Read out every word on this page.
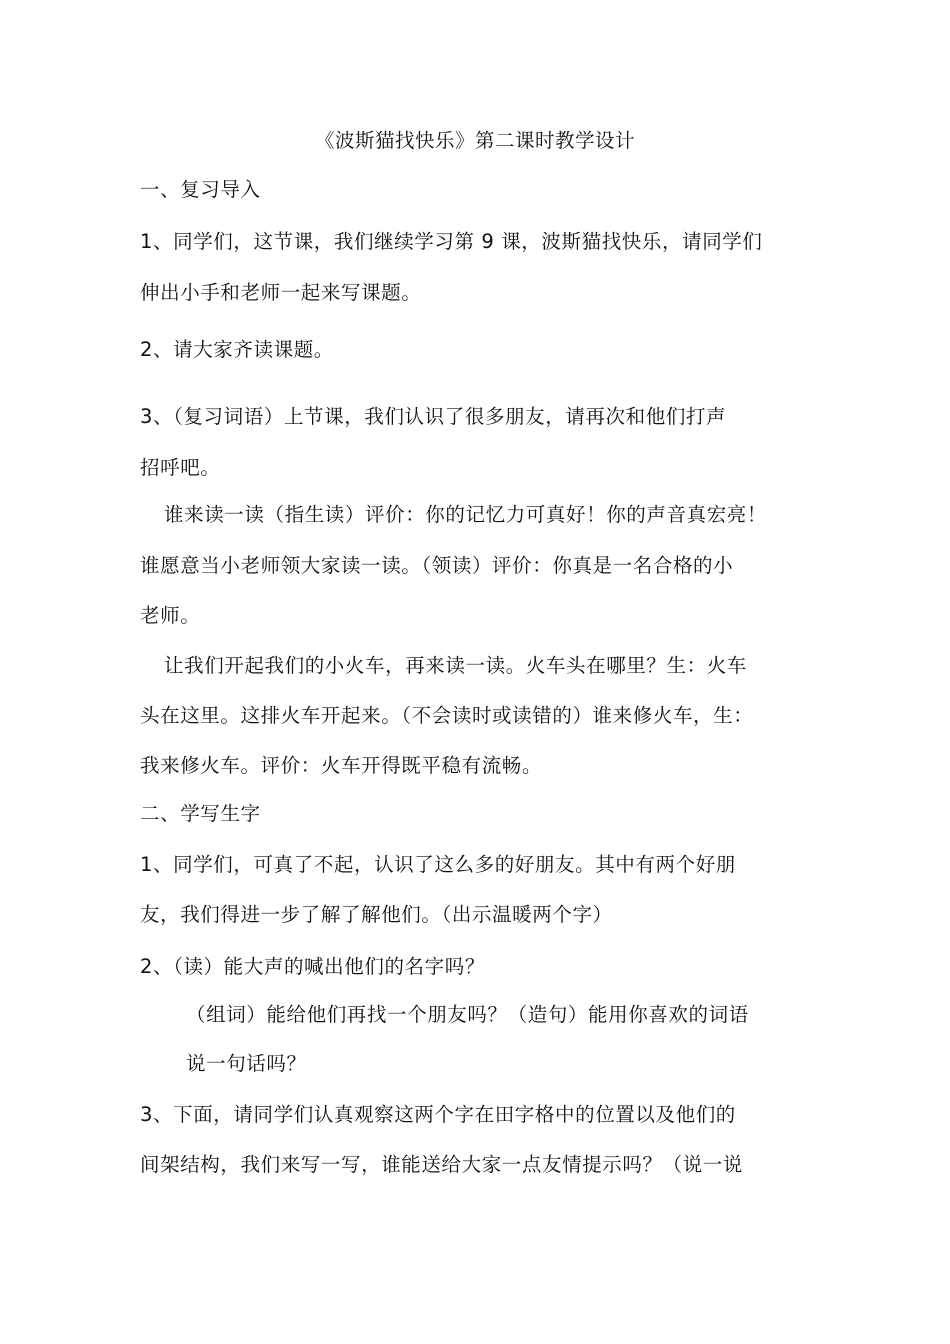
《波斯猫找快乐》第二课时教学设计
一、复习导入
1、同学们，这节课，我们继续学习第 9 课，波斯猫找快乐，请同学们
伸出小手和老师一起来写课题。
2、请大家齐读课题。
3、（复习词语）上节课，我们认识了很多朋友，请再次和他们打声
招呼吧。
谁来读一读（指生读）评价：你的记忆力可真好！你的声音真宏亮！
谁愿意当小老师领大家读一读。（领读）评价：你真是一名合格的小
老师。
让我们开起我们的小火车，再来读一读。火车头在哪里？生：火车
头在这里。这排火车开起来。（不会读时或读错的）谁来修火车，生：
我来修火车。评价：火车开得既平稳有流畅。
二、学写生字
1、同学们，可真了不起，认识了这么多的好朋友。其中有两个好朋
友，我们得进一步了解了解他们。（出示温暖两个字）
2、（读）能大声的喊出他们的名字吗？
（组词）能给他们再找一个朋友吗？（造句）能用你喜欢的词语
说一句话吗？
3、下面，请同学们认真观察这两个字在田字格中的位置以及他们的
间架结构，我们来写一写，谁能送给大家一点友情提示吗？（说一说
